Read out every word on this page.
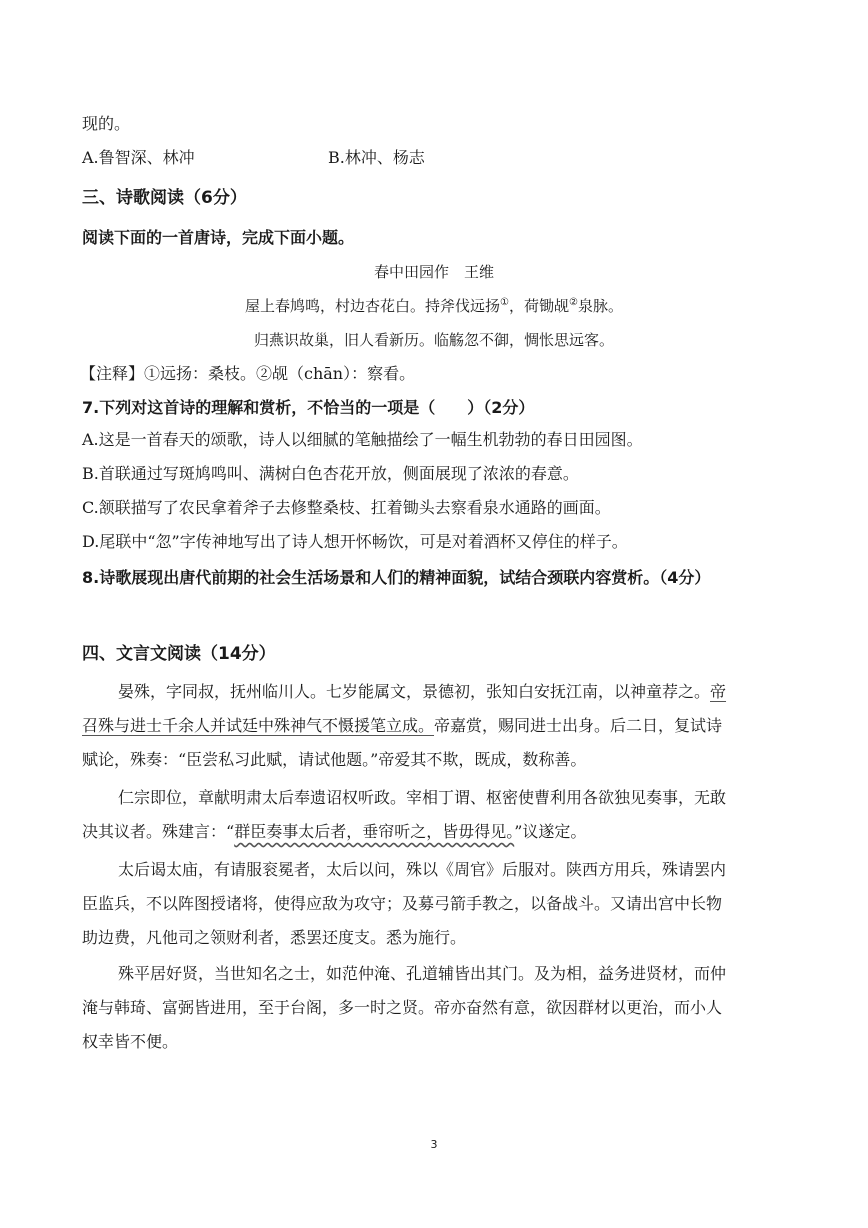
现的。
A.鲁智深、林冲	B.林冲、杨志
三、诗歌阅读（6分）
阅读下面的一首唐诗，完成下面小题。
春中田园作　王维
屋上春鸠鸣，村边杏花白。持斧伐远扬①，荷锄觇②泉脉。
归燕识故巢，旧人看新历。临觞忽不御，惆怅思远客。
【注释】①远扬：桑枝。②觇（chān）：察看。
7.下列对这首诗的理解和赏析，不恰当的一项是（　　）（2分）
A.这是一首春天的颂歌，诗人以细腻的笔触描绘了一幅生机勃勃的春日田园图。
B.首联通过写斑鸠鸣叫、满树白色杏花开放，侧面展现了浓浓的春意。
C.颔联描写了农民拿着斧子去修整桑枝、扛着锄头去察看泉水通路的画面。
D.尾联中“忽”字传神地写出了诗人想开怀畅饮，可是对着酒杯又停住的样子。
8.诗歌展现出唐代前期的社会生活场景和人们的精神面貌，试结合颈联内容赏析。（4分）
四、文言文阅读（14分）
晏殊，字同叔，抚州临川人。七岁能属文，景德初，张知白安抚江南，以神童荐之。帝
召殊与进士千余人并试廷中殊神气不慑援笔立成。帝嘉赏，赐同进士出身。后二日，复试诗
赋论，殊奏：“臣尝私习此赋，请试他题。”帝爱其不欺，既成，数称善。
仁宗即位，章献明肃太后奉遗诏权听政。宰相丁谓、枢密使曹利用各欲独见奏事，无敢
决其议者。殊建言：“群臣奏事太后者，垂帘听之，皆毋得见。”议遂定。
太后谒太庙，有请服衮冕者，太后以问，殊以《周官》后服对。陕西方用兵，殊请罢内
臣监兵，不以阵图授诸将，使得应敌为攻守；及募弓箭手教之，以备战斗。又请出宫中长物
助边费，凡他司之领财利者，悉罢还度支。悉为施行。
殊平居好贤，当世知名之士，如范仲淹、孔道辅皆出其门。及为相，益务进贤材，而仲
淹与韩琦、富弼皆进用，至于台阁，多一时之贤。帝亦奋然有意，欲因群材以更治，而小人
权幸皆不便。
3
